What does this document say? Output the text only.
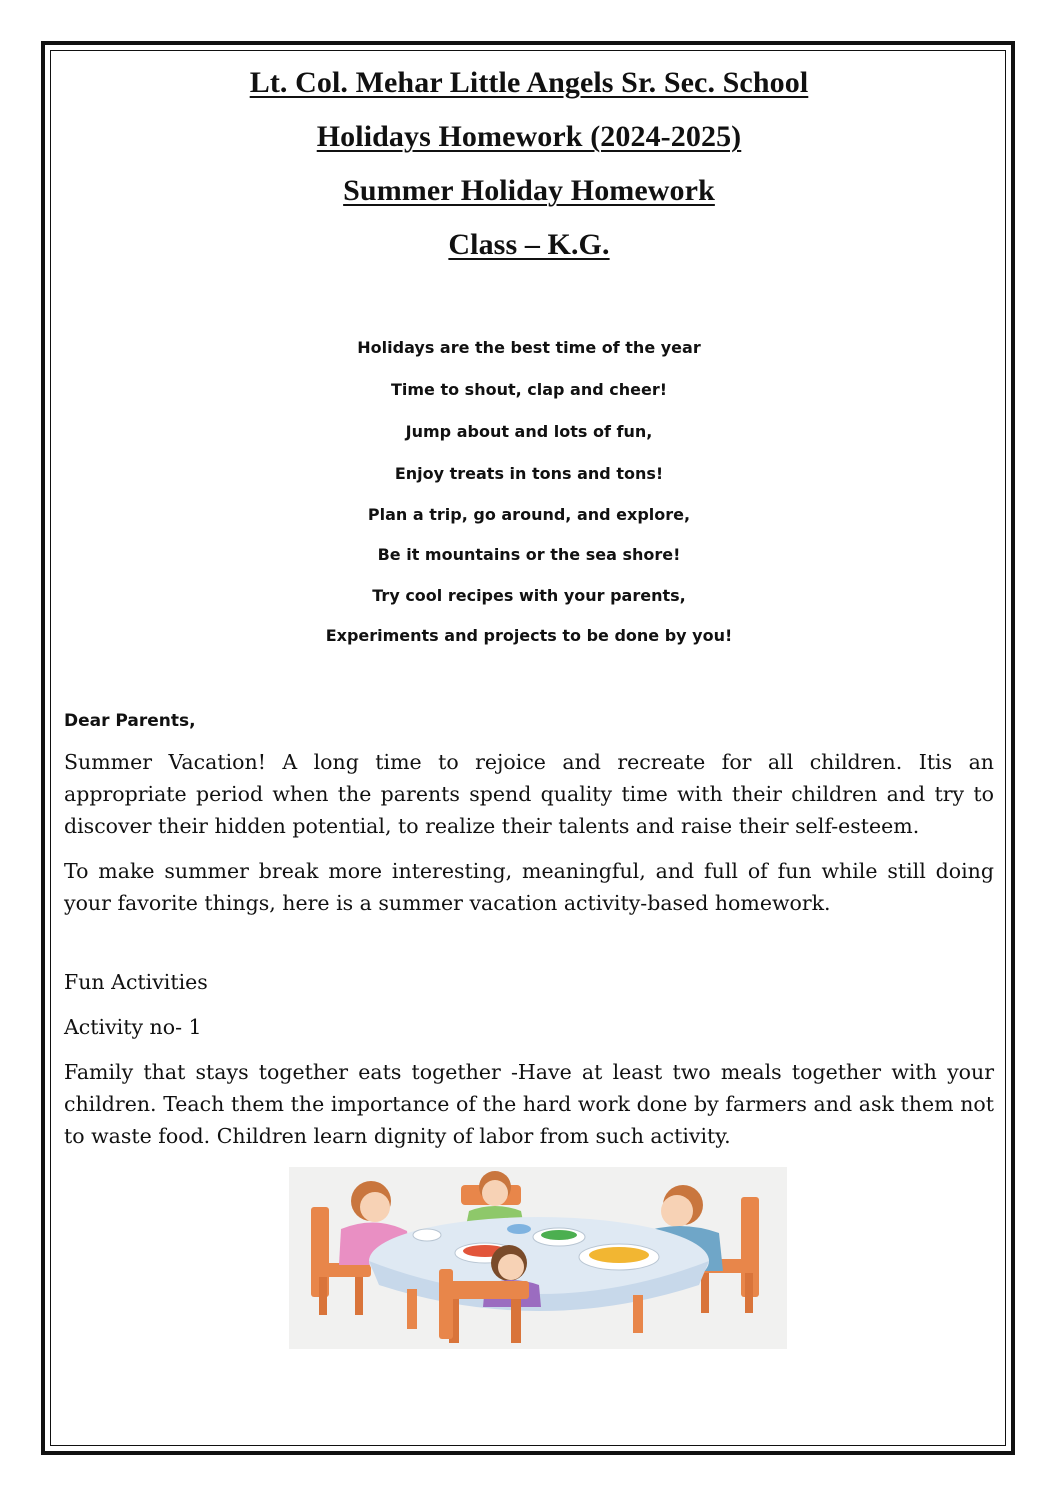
Lt. Col. Mehar Little Angels Sr. Sec. School
Holidays Homework (2024-2025)
Summer Holiday Homework
Class – K.G.
Holidays are the best time of the year
Time to shout, clap and cheer!
Jump about and lots of fun,
Enjoy treats in tons and tons!
Plan a trip, go around, and explore,
Be it mountains or the sea shore!
Try cool recipes with your parents,
Experiments and projects to be done by you!
Dear Parents,

Summer Vacation! A long time to rejoice and recreate for all children. Itis an appropriate period when the parents spend quality time with their children and try to discover their hidden potential, to realize their talents and raise their self-esteem.

To make summer break more interesting, meaningful, and full of fun while still doing your favorite things, here is a summer vacation activity-based homework.

Fun Activities
Activity no- 1

Family that stays together eats together -Have at least two meals together with your children. Teach them the importance of the hard work done by farmers and ask them not to waste food. Children learn dignity of labor from such activity.
